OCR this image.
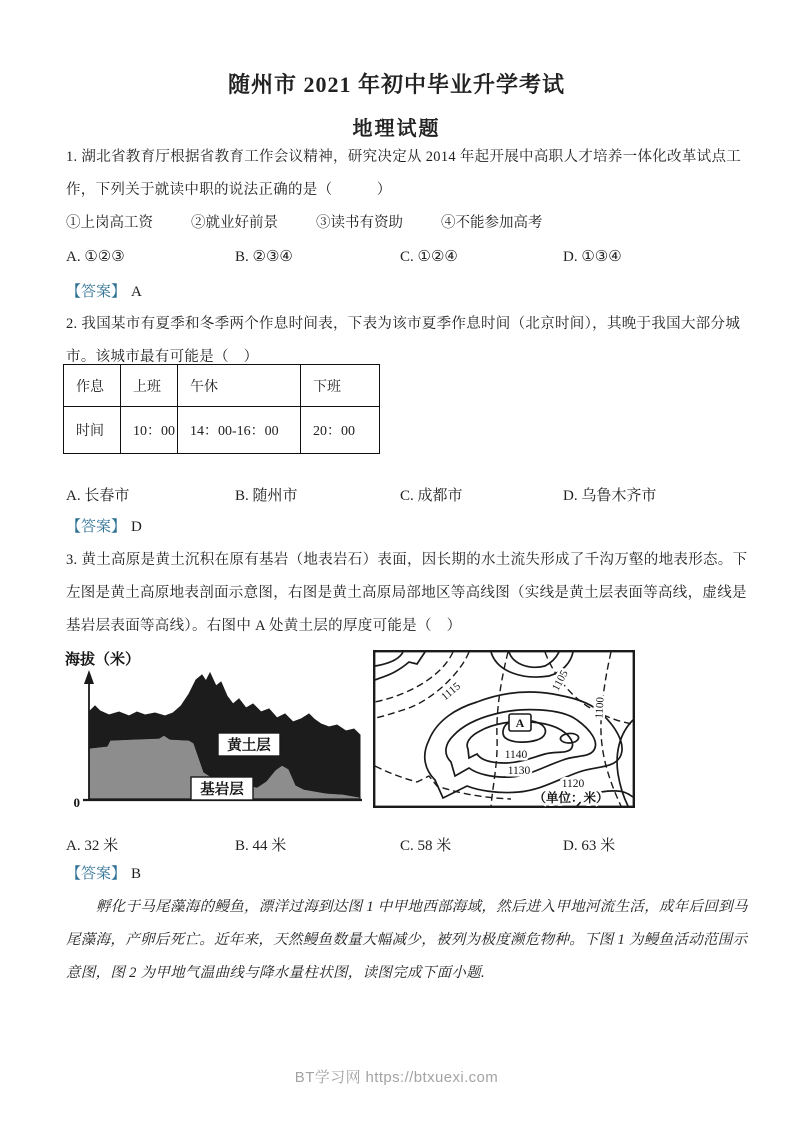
随州市 2021 年初中毕业升学考试
地理试题
1. 湖北省教育厅根据省教育工作会议精神，研究决定从 2014 年起开展中高职人才培养一体化改革试点工
作，下列关于就读中职的说法正确的是（　　　）
①上岗高工资	②就业好前景	③读书有资助	④不能参加高考
A. ①②③	B. ②③④	C. ①②④	D. ①③④
【答案】 A
2. 我国某市有夏季和冬季两个作息时间表，下表为该市夏季作息时间（北京时间），其晚于我国大部分城
市。该城市最有可能是（　）
作息	上班	午休	下班
时间	10：00	14：00-16：00	20：00
A. 长春市	B. 随州市	C. 成都市	D. 乌鲁木齐市
【答案】 D
3. 黄土高原是黄土沉积在原有基岩（地表岩石）表面，因长期的水土流失形成了千沟万壑的地表形态。下
左图是黄土高原地表剖面示意图，右图是黄土高原局部地区等高线图（实线是黄土层表面等高线，虚线是
基岩层表面等高线）。右图中 A 处黄土层的厚度可能是（　）
海拔（米）
0
黄土层
基岩层
A
1115	1105
1100
1140
1130
1120
（单位：米）
A. 32 米	B. 44 米	C. 58 米	D. 63 米
【答案】 B
孵化于马尾藻海的鳗鱼，漂洋过海到达图 1 中甲地西部海域，然后进入甲地河流生活，成年后回到马
尾藻海，产卵后死亡。近年来，天然鳗鱼数量大幅减少，被列为极度濒危物种。下图 1 为鳗鱼活动范围示
意图，图 2 为甲地气温曲线与降水量柱状图，读图完成下面小题.
BT学习网 https://btxuexi.com
